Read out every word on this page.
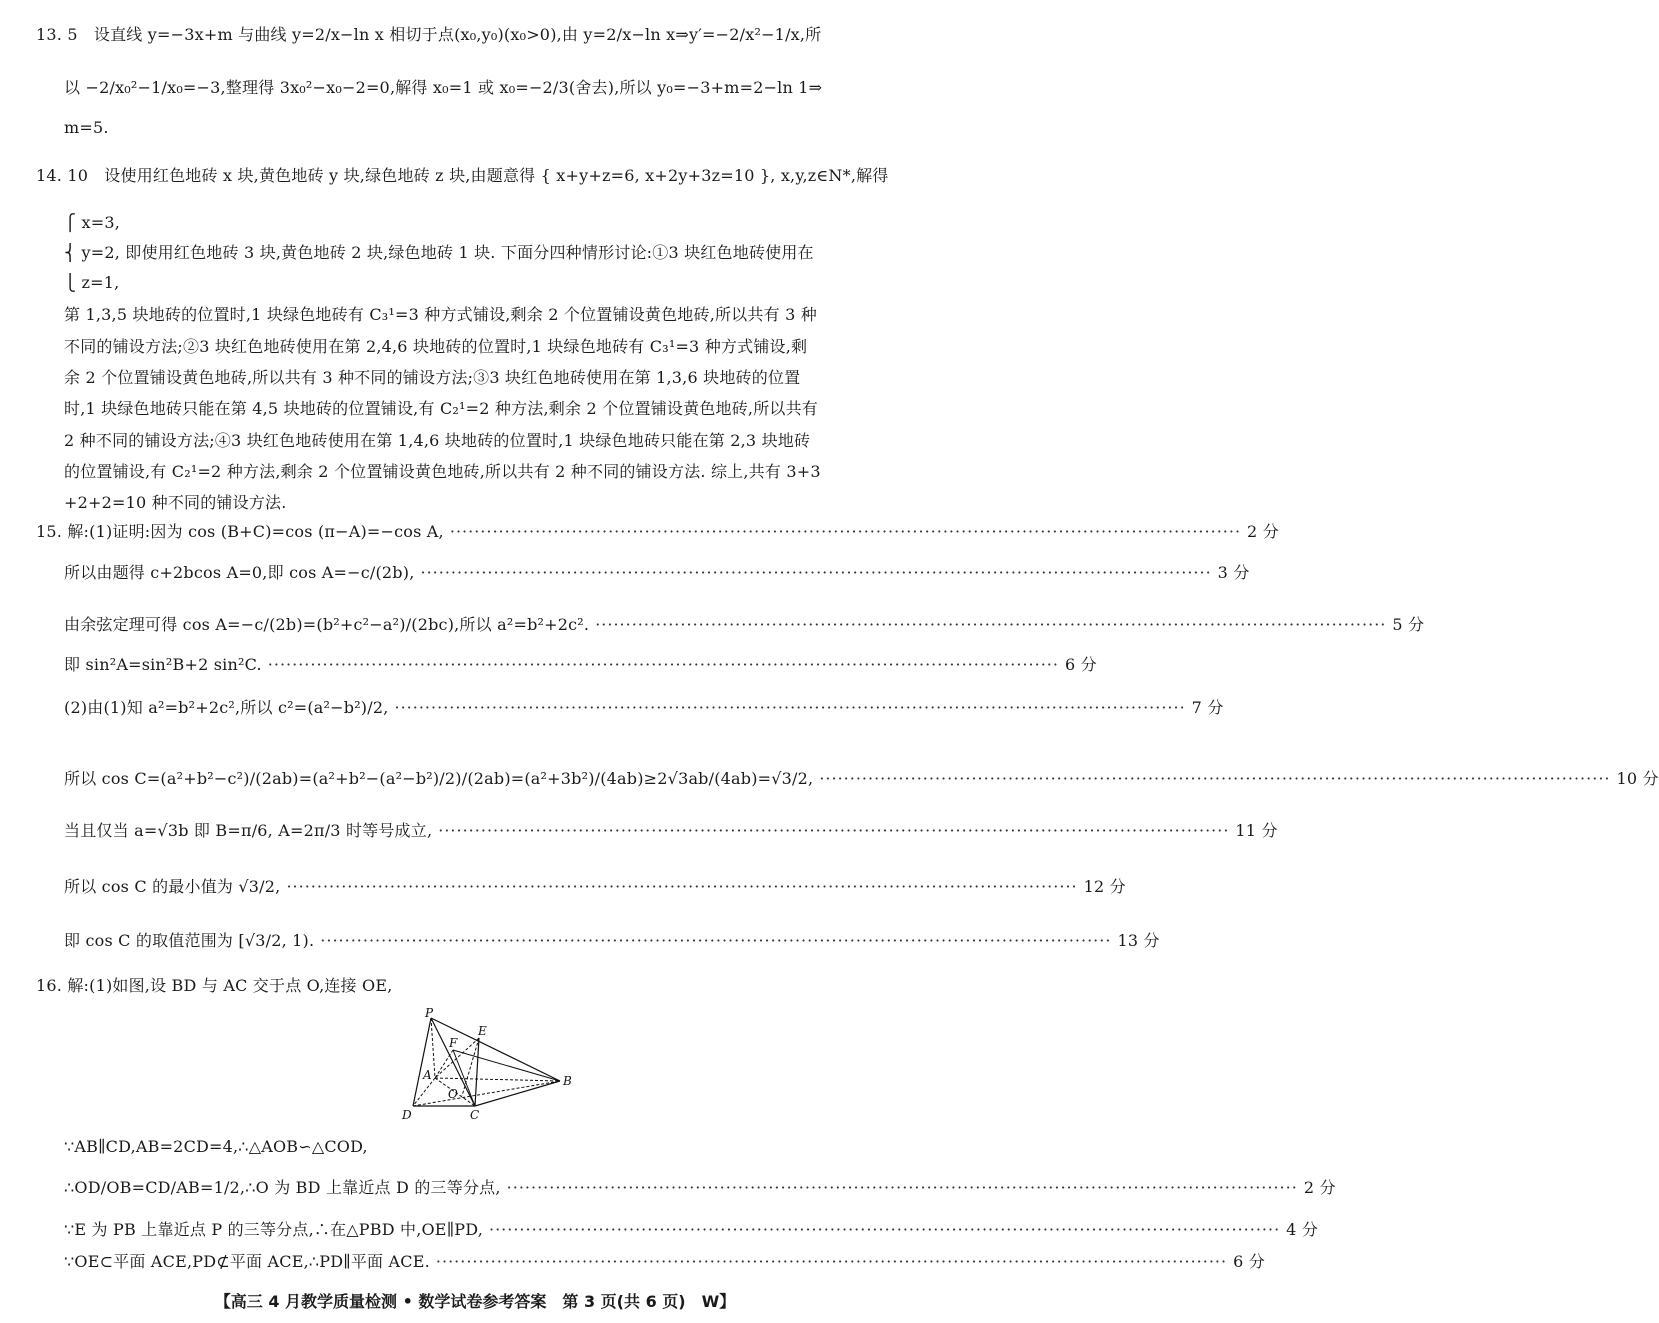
13. 5　设直线 y=−3x+m 与曲线 y=2/x−ln x 相切于点(x₀,y₀)(x₀>0),由 y=2/x−ln x⇒y′=−2/x²−1/x,所
以 −2/x₀²−1/x₀=−3,整理得 3x₀²−x₀−2=0,解得 x₀=1 或 x₀=−2/3(舍去),所以 y₀=−3+m=2−ln 1⇒
m=5.
14. 10　设使用红色地砖 x 块,黄色地砖 y 块,绿色地砖 z 块,由题意得 { x+y+z=6, x+2y+3z=10 }, x,y,z∈N*,解得
⎧ x=3,
⎨ y=2, 即使用红色地砖 3 块,黄色地砖 2 块,绿色地砖 1 块. 下面分四种情形讨论:①3 块红色地砖使用在
⎩ z=1,
第 1,3,5 块地砖的位置时,1 块绿色地砖有 C₃¹=3 种方式铺设,剩余 2 个位置铺设黄色地砖,所以共有 3 种
不同的铺设方法;②3 块红色地砖使用在第 2,4,6 块地砖的位置时,1 块绿色地砖有 C₃¹=3 种方式铺设,剩
余 2 个位置铺设黄色地砖,所以共有 3 种不同的铺设方法;③3 块红色地砖使用在第 1,3,6 块地砖的位置
时,1 块绿色地砖只能在第 4,5 块地砖的位置铺设,有 C₂¹=2 种方法,剩余 2 个位置铺设黄色地砖,所以共有
2 种不同的铺设方法;④3 块红色地砖使用在第 1,4,6 块地砖的位置时,1 块绿色地砖只能在第 2,3 块地砖
的位置铺设,有 C₂¹=2 种方法,剩余 2 个位置铺设黄色地砖,所以共有 2 种不同的铺设方法. 综上,共有 3+3
+2+2=10 种不同的铺设方法.
15. 解:(1)证明:因为 cos (B+C)=cos (π−A)=−cos A, ·································································································································· 2 分
所以由题得 c+2bcos A=0,即 cos A=−c/(2b), ·································································································································· 3 分
由余弦定理可得 cos A=−c/(2b)=(b²+c²−a²)/(2bc),所以 a²=b²+2c². ·································································································································· 5 分
即 sin²A=sin²B+2 sin²C. ·································································································································· 6 分
(2)由(1)知 a²=b²+2c²,所以 c²=(a²−b²)/2, ·································································································································· 7 分
所以 cos C=(a²+b²−c²)/(2ab)=(a²+b²−(a²−b²)/2)/(2ab)=(a²+3b²)/(4ab)≥2√3ab/(4ab)=√3/2, ·································································································································· 10 分
当且仅当 a=√3b 即 B=π/6, A=2π/3 时等号成立, ·································································································································· 11 分
所以 cos C 的最小值为 √3/2, ·································································································································· 12 分
即 cos C 的取值范围为 [√3/2, 1). ·································································································································· 13 分
16. 解:(1)如图,设 BD 与 AC 交于点 O,连接 OE,
P
E
F
A
O
B
D	C
∵AB∥CD,AB=2CD=4,∴△AOB∽△COD,
∴OD/OB=CD/AB=1/2,∴O 为 BD 上靠近点 D 的三等分点, ·································································································································· 2 分
∵E 为 PB 上靠近点 P 的三等分点,∴在△PBD 中,OE∥PD, ·································································································································· 4 分
∵OE⊂平面 ACE,PD⊄平面 ACE,∴PD∥平面 ACE. ·································································································································· 6 分
【高三 4 月教学质量检测 • 数学试卷参考答案　第 3 页(共 6 页)　W】
